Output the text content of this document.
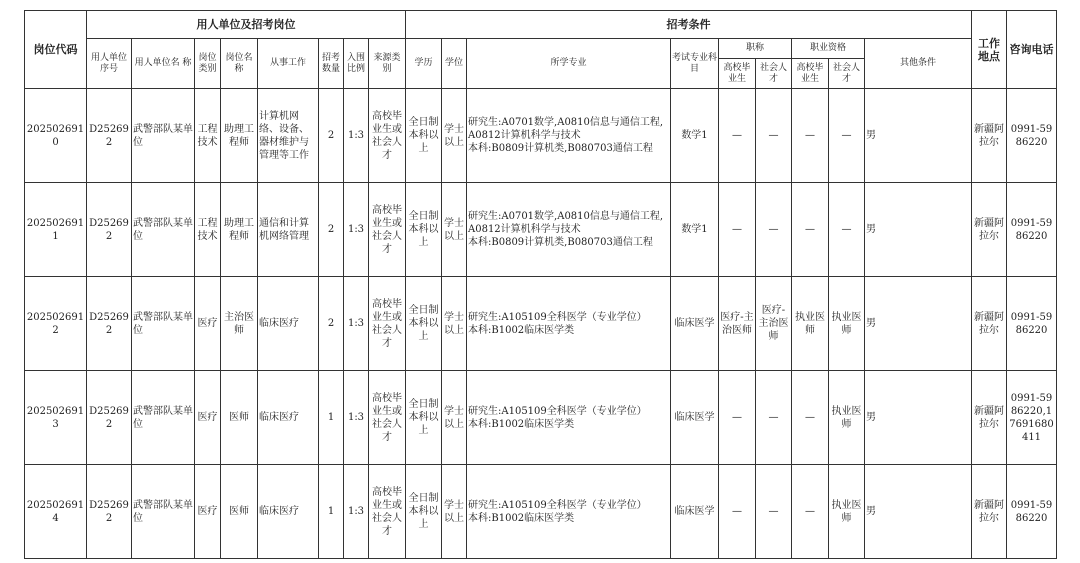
岗位代码	用人单位及招考岗位								招考条件									工作地点	咨询电话
	用人单位序号	用人单位名 称	岗位类别	岗位名称	从事工作	招考数量	入围比例	来源类别	学历	学位	所学专业	考试专业科 目	职称		职业资格		其他条件		
													高校毕业生	社会人才	高校毕业生	社会人才			
2025026910	D252692	武警部队某单位	工程技术	助理工程师	计算机网络、设备、器材维护与管理等工作	2	1:3	高校毕业生或社会人才	全日制本科以上	学士以上	研究生:A0701数学,A0810信息与通信工程,A0812计算机科学与技术
本科:B0809计算机类,B080703通信工程	数学1	—	—	—	—	男	新疆阿拉尔	0991-5986220
2025026911	D252692	武警部队某单位	工程技术	助理工程师	通信和计算机网络管理	2	1:3	高校毕业生或社会人才	全日制本科以上	学士以上	研究生:A0701数学,A0810信息与通信工程,A0812计算机科学与技术
本科:B0809计算机类,B080703通信工程	数学1	—	—	—	—	男	新疆阿拉尔	0991-5986220
2025026912	D252692	武警部队某单位	医疗	主治医师	临床医疗	2	1:3	高校毕业生或社会人才	全日制本科以上	学士以上	研究生:A105109全科医学（专业学位）
本科:B1002临床医学类	临床医学	医疗-主治医师	医疗-主治医师	执业医师	执业医师	男	新疆阿拉尔	0991-5986220
2025026913	D252692	武警部队某单位	医疗	医师	临床医疗	1	1:3	高校毕业生或社会人才	全日制本科以上	学士以上	研究生:A105109全科医学（专业学位）
本科:B1002临床医学类	临床医学	—	—	—	执业医师	男	新疆阿拉尔	0991-5986220,17691680411
2025026914	D252692	武警部队某单位	医疗	医师	临床医疗	1	1:3	高校毕业生或社会人才	全日制本科以上	学士以上	研究生:A105109全科医学（专业学位）
本科:B1002临床医学类	临床医学	—	—	—	执业医师	男	新疆阿拉尔	0991-5986220
